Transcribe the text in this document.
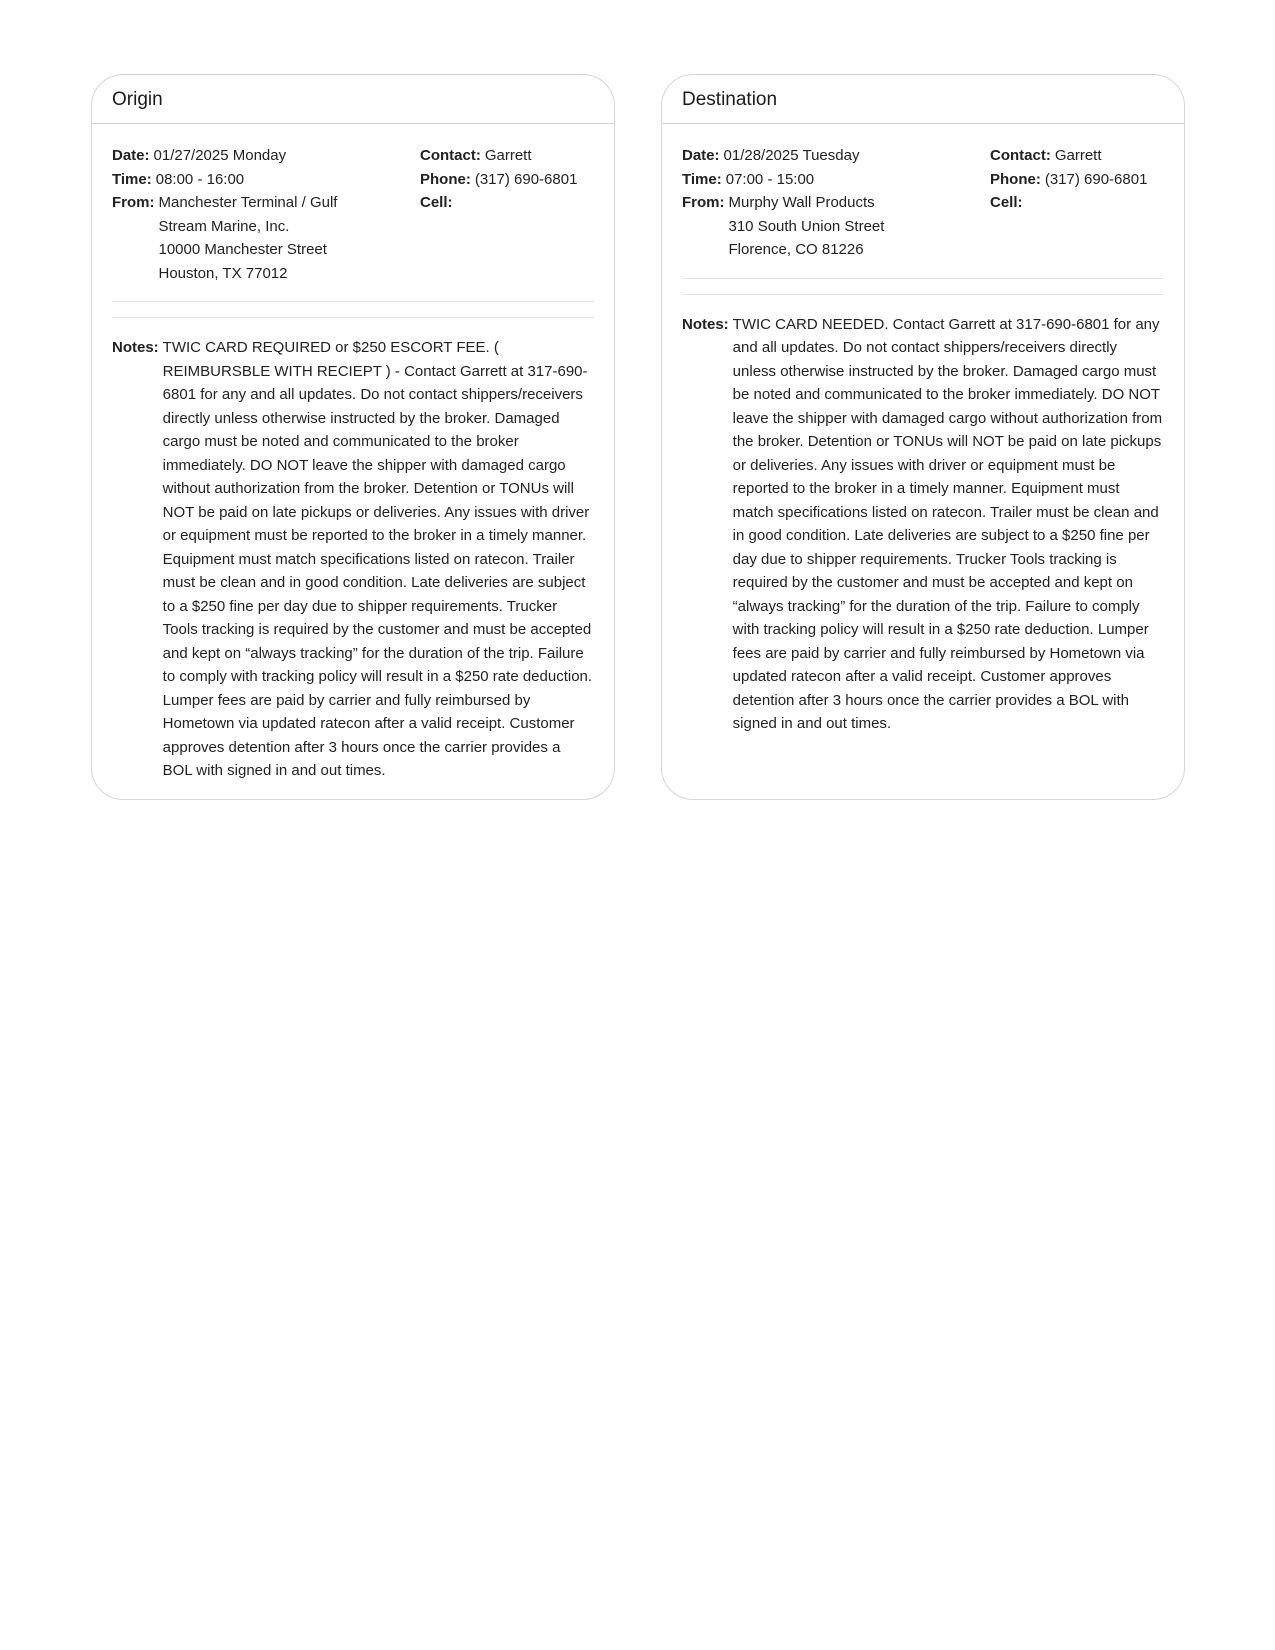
Origin
Date: 01/27/2025 Monday
Time: 08:00 - 16:00
From: Manchester Terminal / Gulf
Stream Marine, Inc.
10000 Manchester Street
Houston, TX 77012
Contact: Garrett
Phone: (317) 690-6801
Cell:
Notes: TWIC CARD REQUIRED or $250 ESCORT FEE. ( REIMBURSBLE WITH RECIEPT ) - Contact Garrett at 317-690-6801 for any and all updates. Do not contact shippers/receivers directly unless otherwise instructed by the broker. Damaged cargo must be noted and communicated to the broker immediately. DO NOT leave the shipper with damaged cargo without authorization from the broker. Detention or TONUs will NOT be paid on late pickups or deliveries. Any issues with driver or equipment must be reported to the broker in a timely manner. Equipment must match specifications listed on ratecon. Trailer must be clean and in good condition. Late deliveries are subject to a $250 fine per day due to shipper requirements. Trucker Tools tracking is required by the customer and must be accepted and kept on “always tracking” for the duration of the trip. Failure to comply with tracking policy will result in a $250 rate deduction. Lumper fees are paid by carrier and fully reimbursed by Hometown via updated ratecon after a valid receipt. Customer approves detention after 3 hours once the carrier provides a BOL with signed in and out times.
Destination
Date: 01/28/2025 Tuesday
Time: 07:00 - 15:00
From: Murphy Wall Products
310 South Union Street
Florence, CO 81226
Contact: Garrett
Phone: (317) 690-6801
Cell:
Notes: TWIC CARD NEEDED. Contact Garrett at 317-690-6801 for any and all updates. Do not contact shippers/receivers directly unless otherwise instructed by the broker. Damaged cargo must be noted and communicated to the broker immediately. DO NOT leave the shipper with damaged cargo without authorization from the broker. Detention or TONUs will NOT be paid on late pickups or deliveries. Any issues with driver or equipment must be reported to the broker in a timely manner. Equipment must match specifications listed on ratecon. Trailer must be clean and in good condition. Late deliveries are subject to a $250 fine per day due to shipper requirements. Trucker Tools tracking is required by the customer and must be accepted and kept on “always tracking” for the duration of the trip. Failure to comply with tracking policy will result in a $250 rate deduction. Lumper fees are paid by carrier and fully reimbursed by Hometown via updated ratecon after a valid receipt. Customer approves detention after 3 hours once the carrier provides a BOL with signed in and out times.
